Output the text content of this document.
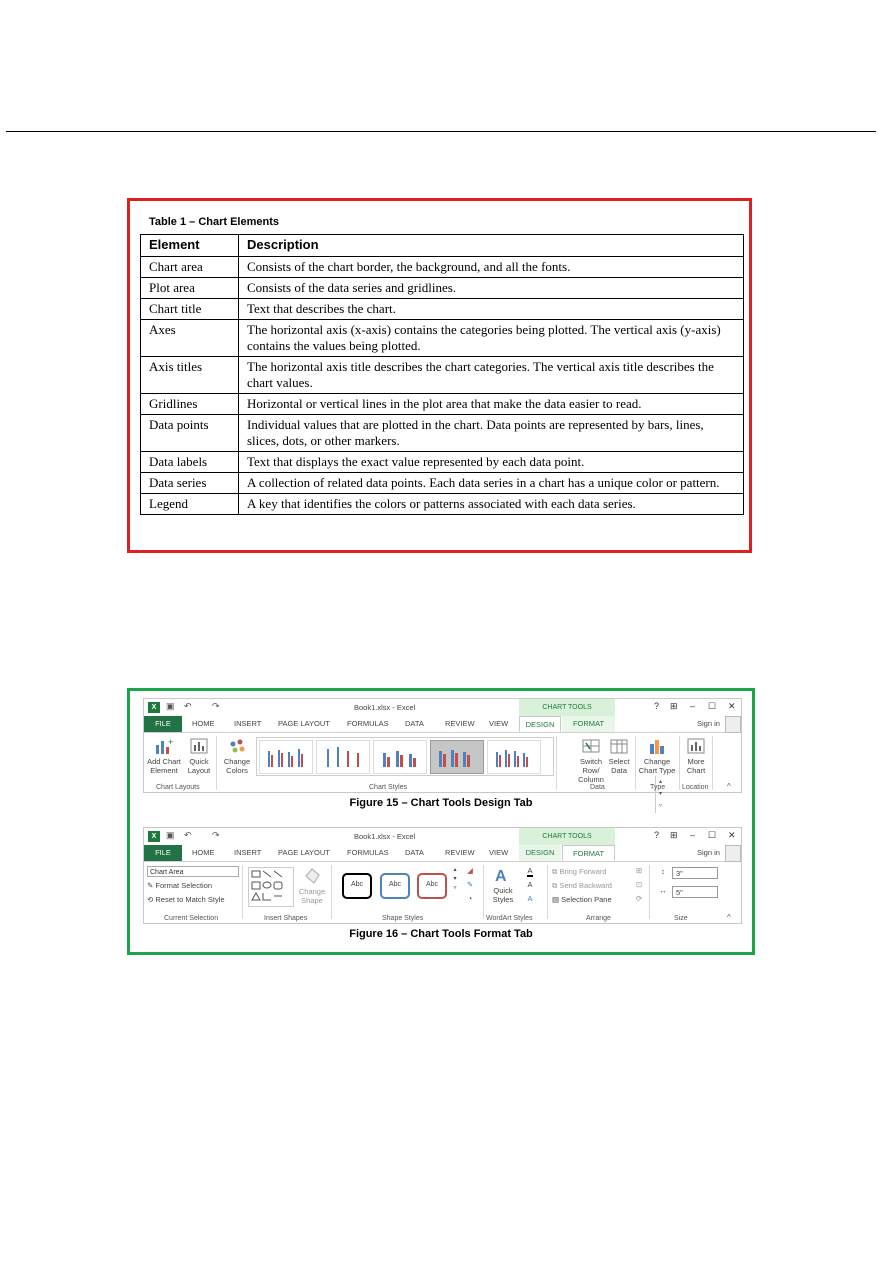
Table 1 – Chart Elements
Element	Description
Chart area	Consists of the chart border, the background, and all the fonts.
Plot area	Consists of the data series and gridlines.
Chart title	Text that describes the chart.
Axes	The horizontal axis (x-axis) contains the categories being plotted. The vertical axis (y-axis) contains the values being plotted.
Axis titles	The horizontal axis title describes the chart categories. The vertical axis title describes the chart values.
Gridlines	Horizontal or vertical lines in the plot area that make the data easier to read.
Data points	Individual values that are plotted in the chart. Data points are represented by bars, lines, slices, dots, or other markers.
Data labels	Text that displays the exact value represented by each data point.
Data series	A collection of related data points. Each data series in a chart has a unique color or pattern.
Legend	A key that identifies the colors or patterns associated with each data series.
X	▣ ↶ ↷	Book1.xlsx - Excel	CHART TOOLS	? ⊞ – ☐ ✕
FILE	HOME	INSERT PAGE LAYOUT FORMULAS DATA	REVIEW VIEW	DESIGN	FORMAT	Sign in
+
Add Chart Element
Quick Layout
Change Colors
▴
▾
▿
Switch Row/ Column
Select Data
Change Chart Type
More Chart
Chart Layouts	Chart Styles	Data	Type Location ^
Figure 15 – Chart Tools Design Tab
X	▣ ↶ ↷	Book1.xlsx - Excel	CHART TOOLS	? ⊞ – ☐ ✕
FILE	HOME	INSERT PAGE LAYOUT FORMULAS DATA	REVIEW VIEW	DESIGN	FORMAT	Sign in
Chart Area
✎ Format Selection
⟲ Reset to Match Style
Change Shape
Abc	Abc	Abc
▴
▾
▿
◢
✎
◔
A
Quick Styles
A
A
A
⧉ Bring Forward
⧉ Send Backward
▤ Selection Pane
⊞
⊡
⟳
↕	3"
↔	5"
Current Selection	Insert Shapes	Shape Styles	WordArt Styles	Arrange	Size	^
Figure 16 – Chart Tools Format Tab
